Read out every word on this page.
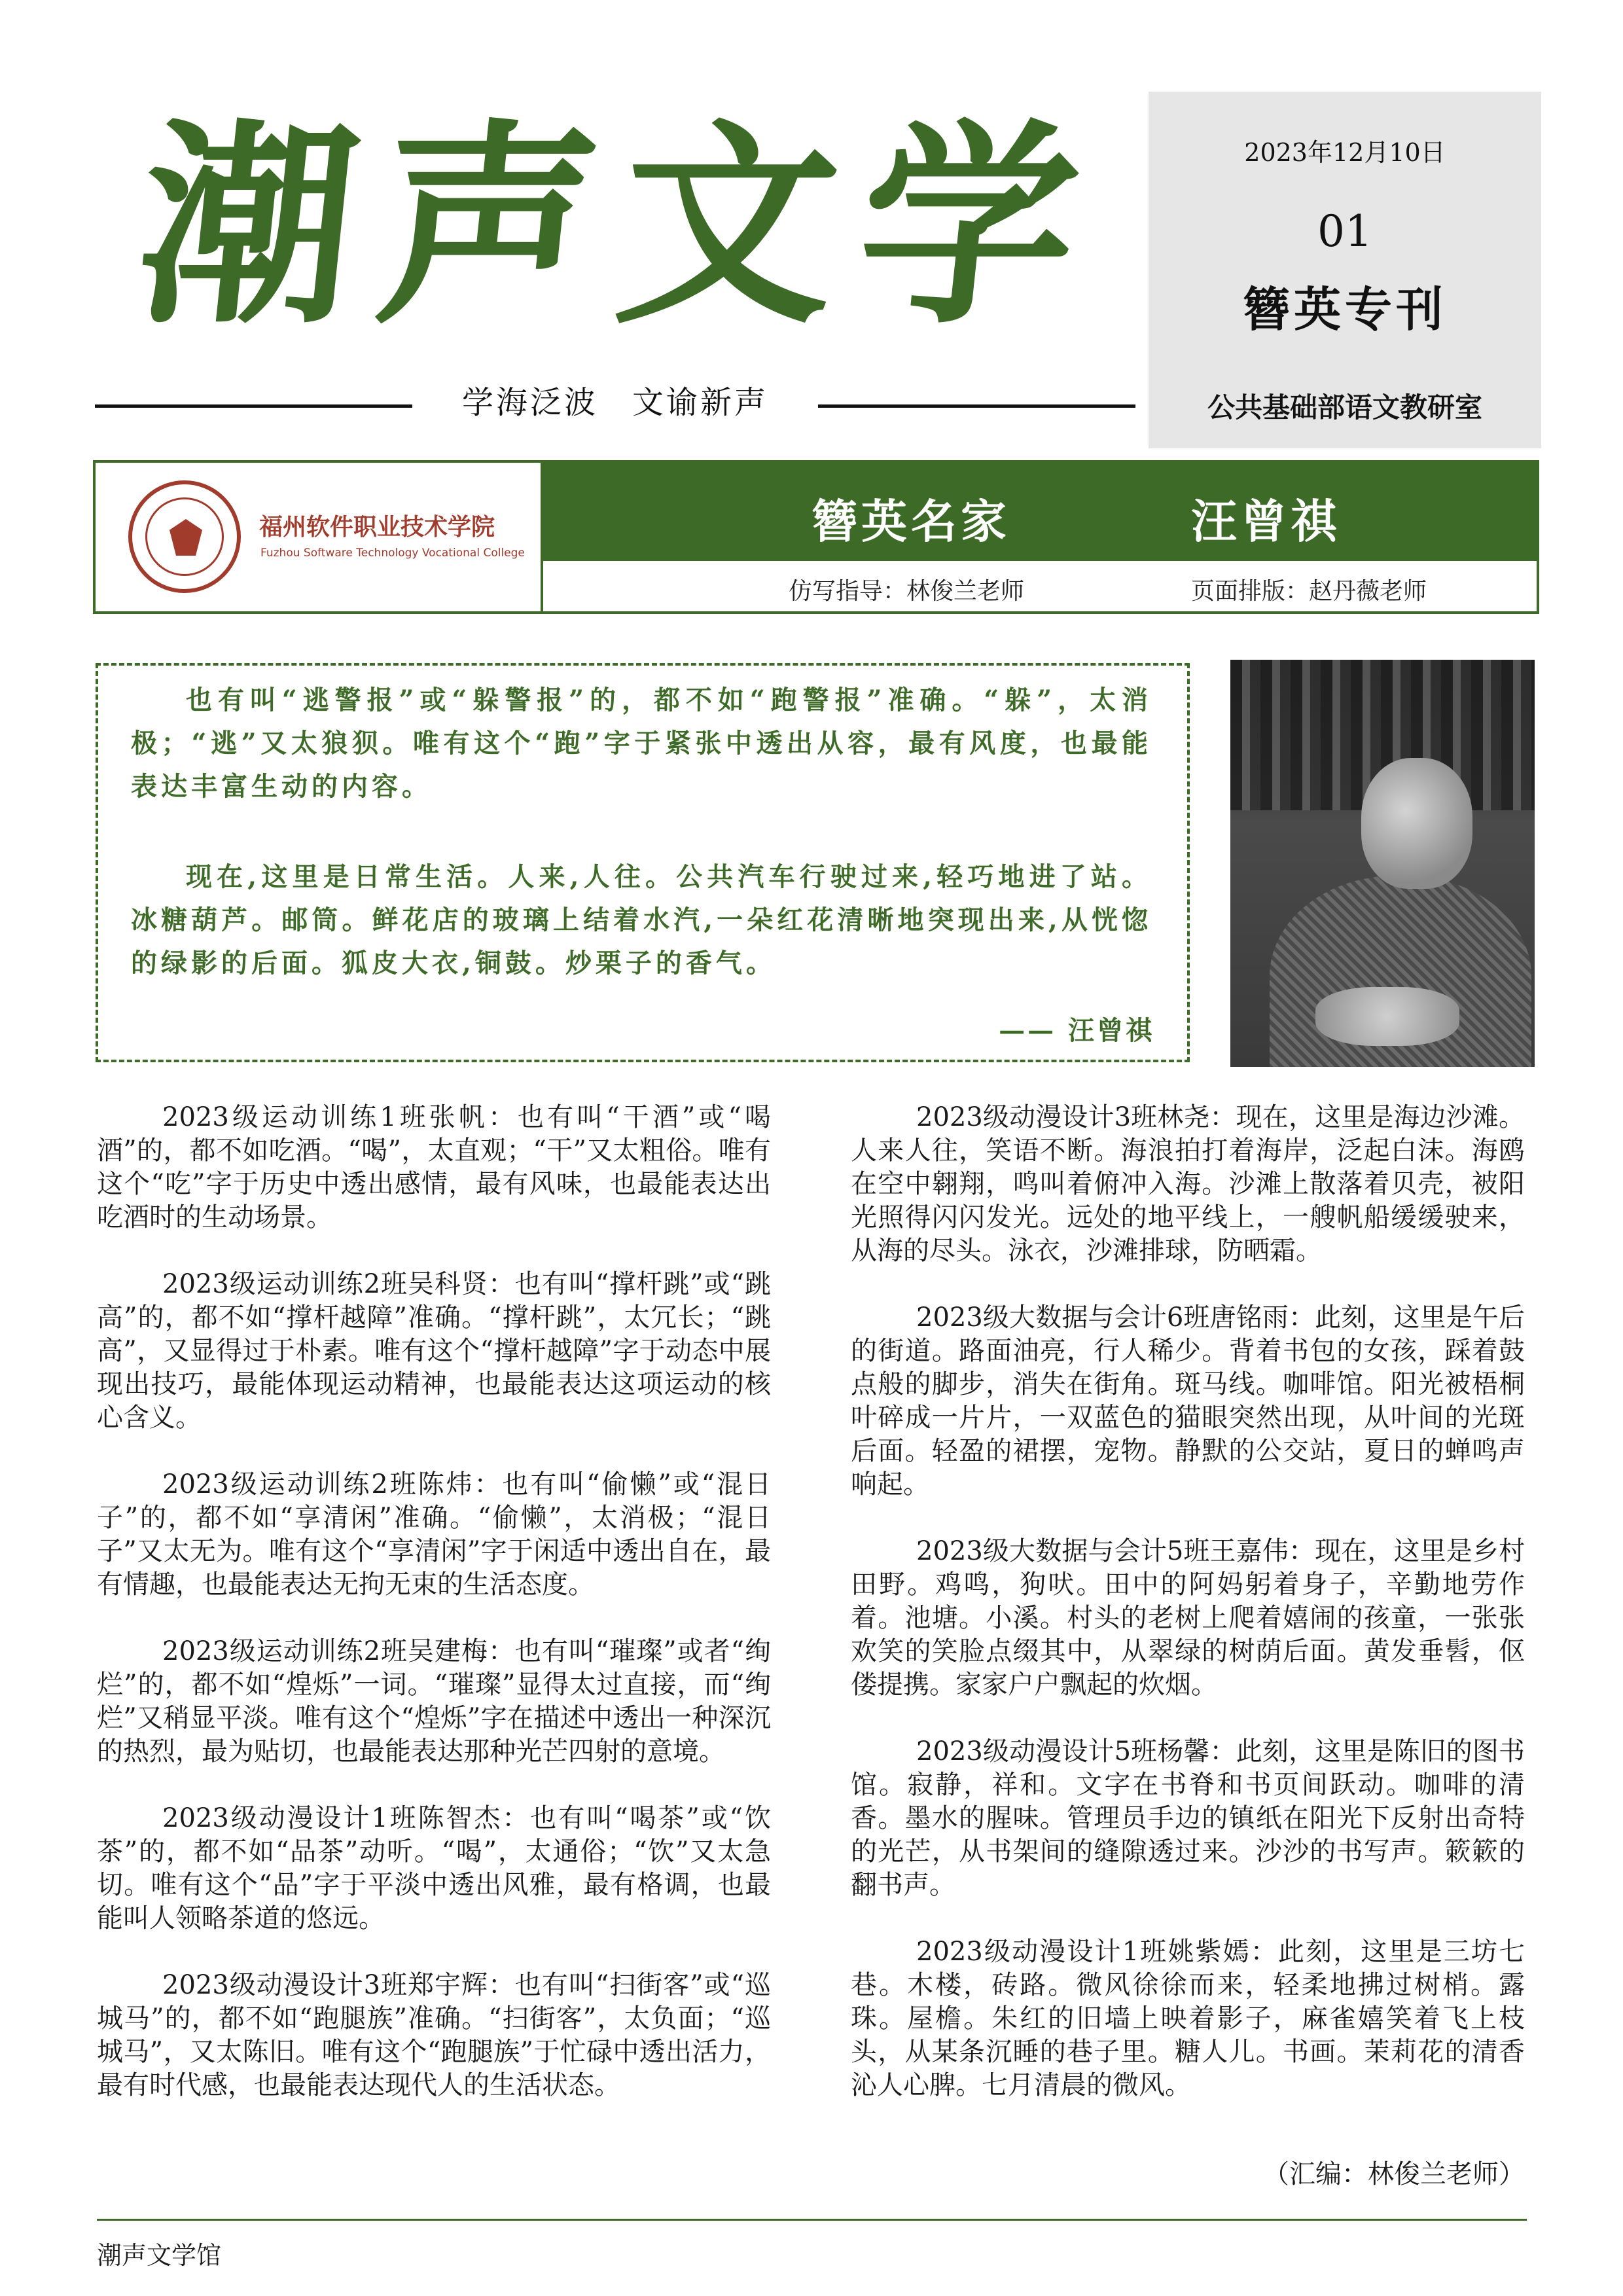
潮
声
文
学
学海泛波　文谕新声
2023年12月10日
01
簪英专刊
公共基础部语文教研室
福州软件职业技术学院
Fuzhou Software Technology Vocational College
簪英名家	汪曾祺
仿写指导：林俊兰老师	页面排版：赵丹薇老师

也有叫“逃警报”或“躲警报”的，都不如“跑警报”准确。“躲”，太消极；“逃”又太狼狈。唯有这个“跑”字于紧张中透出从容，最有风度，也最能表达丰富生动的内容。

现在,这里是日常生活。人来,人往。公共汽车行驶过来,轻巧地进了站。冰糖葫芦。邮筒。鲜花店的玻璃上结着水汽,一朵红花清晰地突现出来,从恍惚的绿影的后面。狐皮大衣,铜鼓。炒栗子的香气。

—— 汪曾祺

2023级运动训练1班张帆：也有叫“干酒”或“喝酒”的，都不如吃酒。“喝”，太直观；“干”又太粗俗。唯有这个“吃”字于历史中透出感情，最有风味，也最能表达出吃酒时的生动场景。

2023级运动训练2班吴科贤：也有叫“撑杆跳”或“跳高”的，都不如“撑杆越障”准确。“撑杆跳”，太冗长；“跳高”，又显得过于朴素。唯有这个“撑杆越障”字于动态中展现出技巧，最能体现运动精神，也最能表达这项运动的核心含义。

2023级运动训练2班陈炜：也有叫“偷懒”或“混日子”的，都不如“享清闲”准确。“偷懒”，太消极；“混日子”又太无为。唯有这个“享清闲”字于闲适中透出自在，最有情趣，也最能表达无拘无束的生活态度。

2023级运动训练2班吴建梅：也有叫“璀璨”或者“绚烂”的，都不如“煌烁”一词。“璀璨”显得太过直接，而“绚烂”又稍显平淡。唯有这个“煌烁”字在描述中透出一种深沉的热烈，最为贴切，也最能表达那种光芒四射的意境。

2023级动漫设计1班陈智杰：也有叫“喝茶”或“饮茶”的，都不如“品茶”动听。“喝”，太通俗；“饮”又太急切。唯有这个“品”字于平淡中透出风雅，最有格调，也最能叫人领略茶道的悠远。

2023级动漫设计3班郑宇辉：也有叫“扫街客”或“巡城马”的，都不如“跑腿族”准确。“扫街客”，太负面；“巡城马”，又太陈旧。唯有这个“跑腿族”于忙碌中透出活力，最有时代感，也最能表达现代人的生活状态。

2023级动漫设计3班林尧：现在，这里是海边沙滩。人来人往，笑语不断。海浪拍打着海岸，泛起白沫。海鸥在空中翱翔，鸣叫着俯冲入海。沙滩上散落着贝壳，被阳光照得闪闪发光。远处的地平线上，一艘帆船缓缓驶来，从海的尽头。泳衣，沙滩排球，防晒霜。

2023级大数据与会计6班唐铭雨：此刻，这里是午后的街道。路面油亮，行人稀少。背着书包的女孩，踩着鼓点般的脚步，消失在街角。斑马线。咖啡馆。阳光被梧桐叶碎成一片片，一双蓝色的猫眼突然出现，从叶间的光斑后面。轻盈的裙摆，宠物。静默的公交站，夏日的蝉鸣声响起。

2023级大数据与会计5班王嘉伟：现在，这里是乡村田野。鸡鸣，狗吠。田中的阿妈躬着身子，辛勤地劳作着。池塘。小溪。村头的老树上爬着嬉闹的孩童，一张张欢笑的笑脸点缀其中，从翠绿的树荫后面。黄发垂髫，伛偻提携。家家户户飘起的炊烟。

2023级动漫设计5班杨馨：此刻，这里是陈旧的图书馆。寂静，祥和。文字在书脊和书页间跃动。咖啡的清香。墨水的腥味。管理员手边的镇纸在阳光下反射出奇特的光芒，从书架间的缝隙透过来。沙沙的书写声。簌簌的翻书声。

2023级动漫设计1班姚紫嫣：此刻，这里是三坊七巷。木楼，砖路。微风徐徐而来，轻柔地拂过树梢。露珠。屋檐。朱红的旧墙上映着影子，麻雀嬉笑着飞上枝头，从某条沉睡的巷子里。糖人儿。书画。茉莉花的清香沁人心脾。七月清晨的微风。

（汇编：林俊兰老师）
潮声文学馆
